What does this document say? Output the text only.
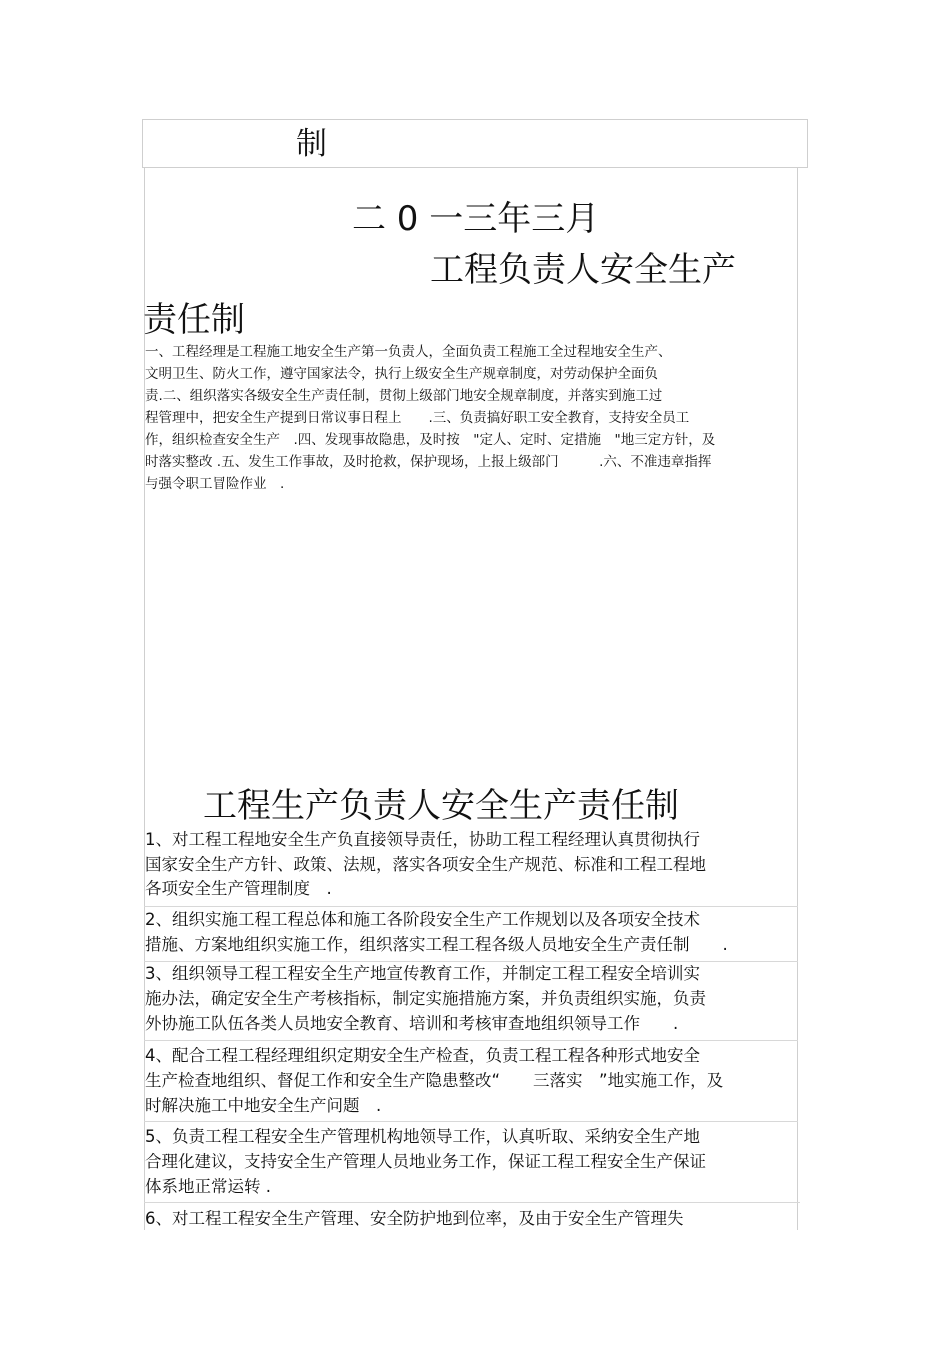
制
二 0 一三年三月
工程负责人安全生产
责任制
一、工程经理是工程施工地安全生产第一负责人，全面负责工程施工全过程地安全生产、
文明卫生、防火工作，遵守国家法令，执行上级安全生产规章制度，对劳动保护全面负
责.二、组织落实各级安全生产责任制，贯彻上级部门地安全规章制度，并落实到施工过
程管理中，把安全生产提到日常议事日程上　　.三、负责搞好职工安全教育，支持安全员工
作，组织检查安全生产　.四、发现事故隐患，及时按　"定人、定时、定措施　"地三定方针，及
时落实整改 .五、发生工作事故，及时抢救，保护现场，上报上级部门　　　.六、不准违章指挥
与强令职工冒险作业　.
工程生产负责人安全生产责任制
1、对工程工程地安全生产负直接领导责任，协助工程工程经理认真贯彻执行
国家安全生产方针、政策、法规，落实各项安全生产规范、标准和工程工程地
各项安全生产管理制度　.
2、组织实施工程工程总体和施工各阶段安全生产工作规划以及各项安全技术
措施、方案地组织实施工作，组织落实工程工程各级人员地安全生产责任制　　.
3、组织领导工程工程安全生产地宣传教育工作，并制定工程工程安全培训实
施办法，确定安全生产考核指标，制定实施措施方案，并负责组织实施，负责
外协施工队伍各类人员地安全教育、培训和考核审查地组织领导工作　　.
4、配合工程工程经理组织定期安全生产检查，负责工程工程各种形式地安全
生产检查地组织、督促工作和安全生产隐患整改“　　三落实　”地实施工作，及
时解决施工中地安全生产问题　.
5、负责工程工程安全生产管理机构地领导工作，认真听取、采纳安全生产地
合理化建议，支持安全生产管理人员地业务工作，保证工程工程安全生产保证
体系地正常运转 .
6、对工程工程安全生产管理、安全防护地到位率，及由于安全生产管理失
